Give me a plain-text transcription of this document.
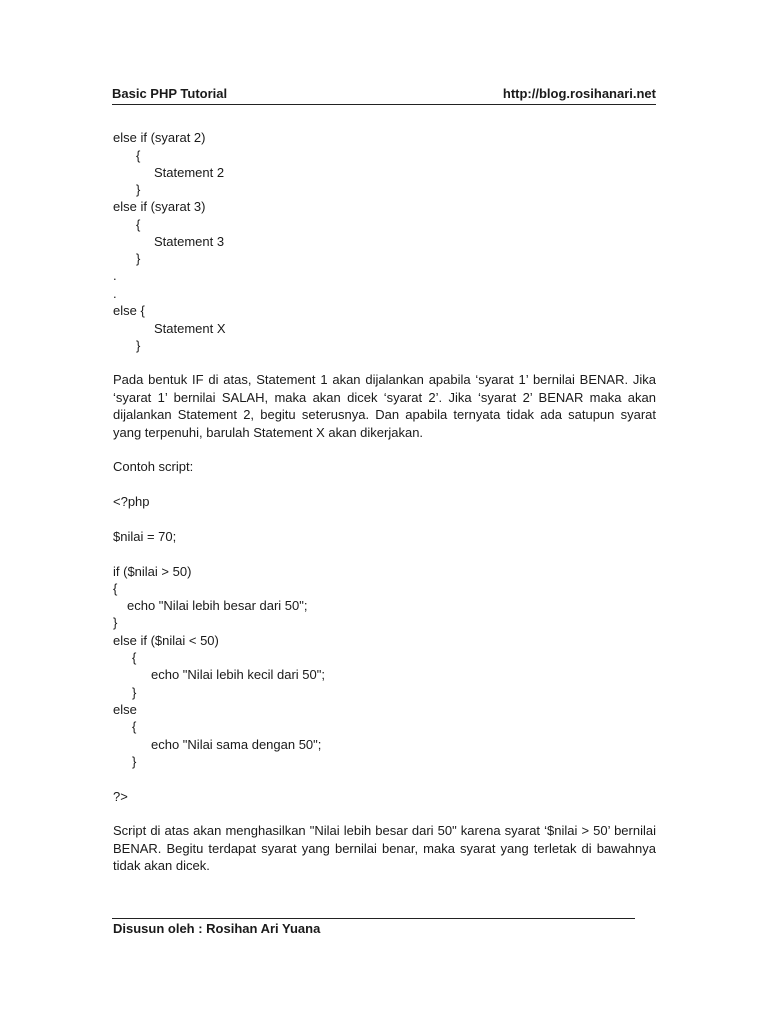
Basic PHP Tutorial	http://blog.rosihanari.net
else if (syarat 2)
{
Statement 2
}
else if (syarat 3)
{
Statement 3
}
.
.
else {
Statement X
}
Pada bentuk IF di atas, Statement 1 akan dijalankan apabila ‘syarat 1’ bernilai BENAR. Jika ‘syarat 1’ bernilai SALAH, maka akan dicek ‘syarat 2’. Jika ‘syarat 2’ BENAR maka akan dijalankan Statement 2, begitu seterusnya. Dan apabila ternyata tidak ada satupun syarat yang terpenuhi, barulah Statement X akan dikerjakan.
Contoh script:
<?php
$nilai = 70;
if ($nilai > 50)
{
echo "Nilai lebih besar dari 50";
}
else if ($nilai < 50)
{
echo "Nilai lebih kecil dari 50";
}
else
{
echo "Nilai sama dengan 50";
}
?>
Script di atas akan menghasilkan "Nilai lebih besar dari 50" karena syarat ‘$nilai > 50’ bernilai BENAR. Begitu terdapat syarat yang bernilai benar, maka syarat yang terletak di bawahnya tidak akan dicek.
Disusun oleh : Rosihan Ari Yuana
